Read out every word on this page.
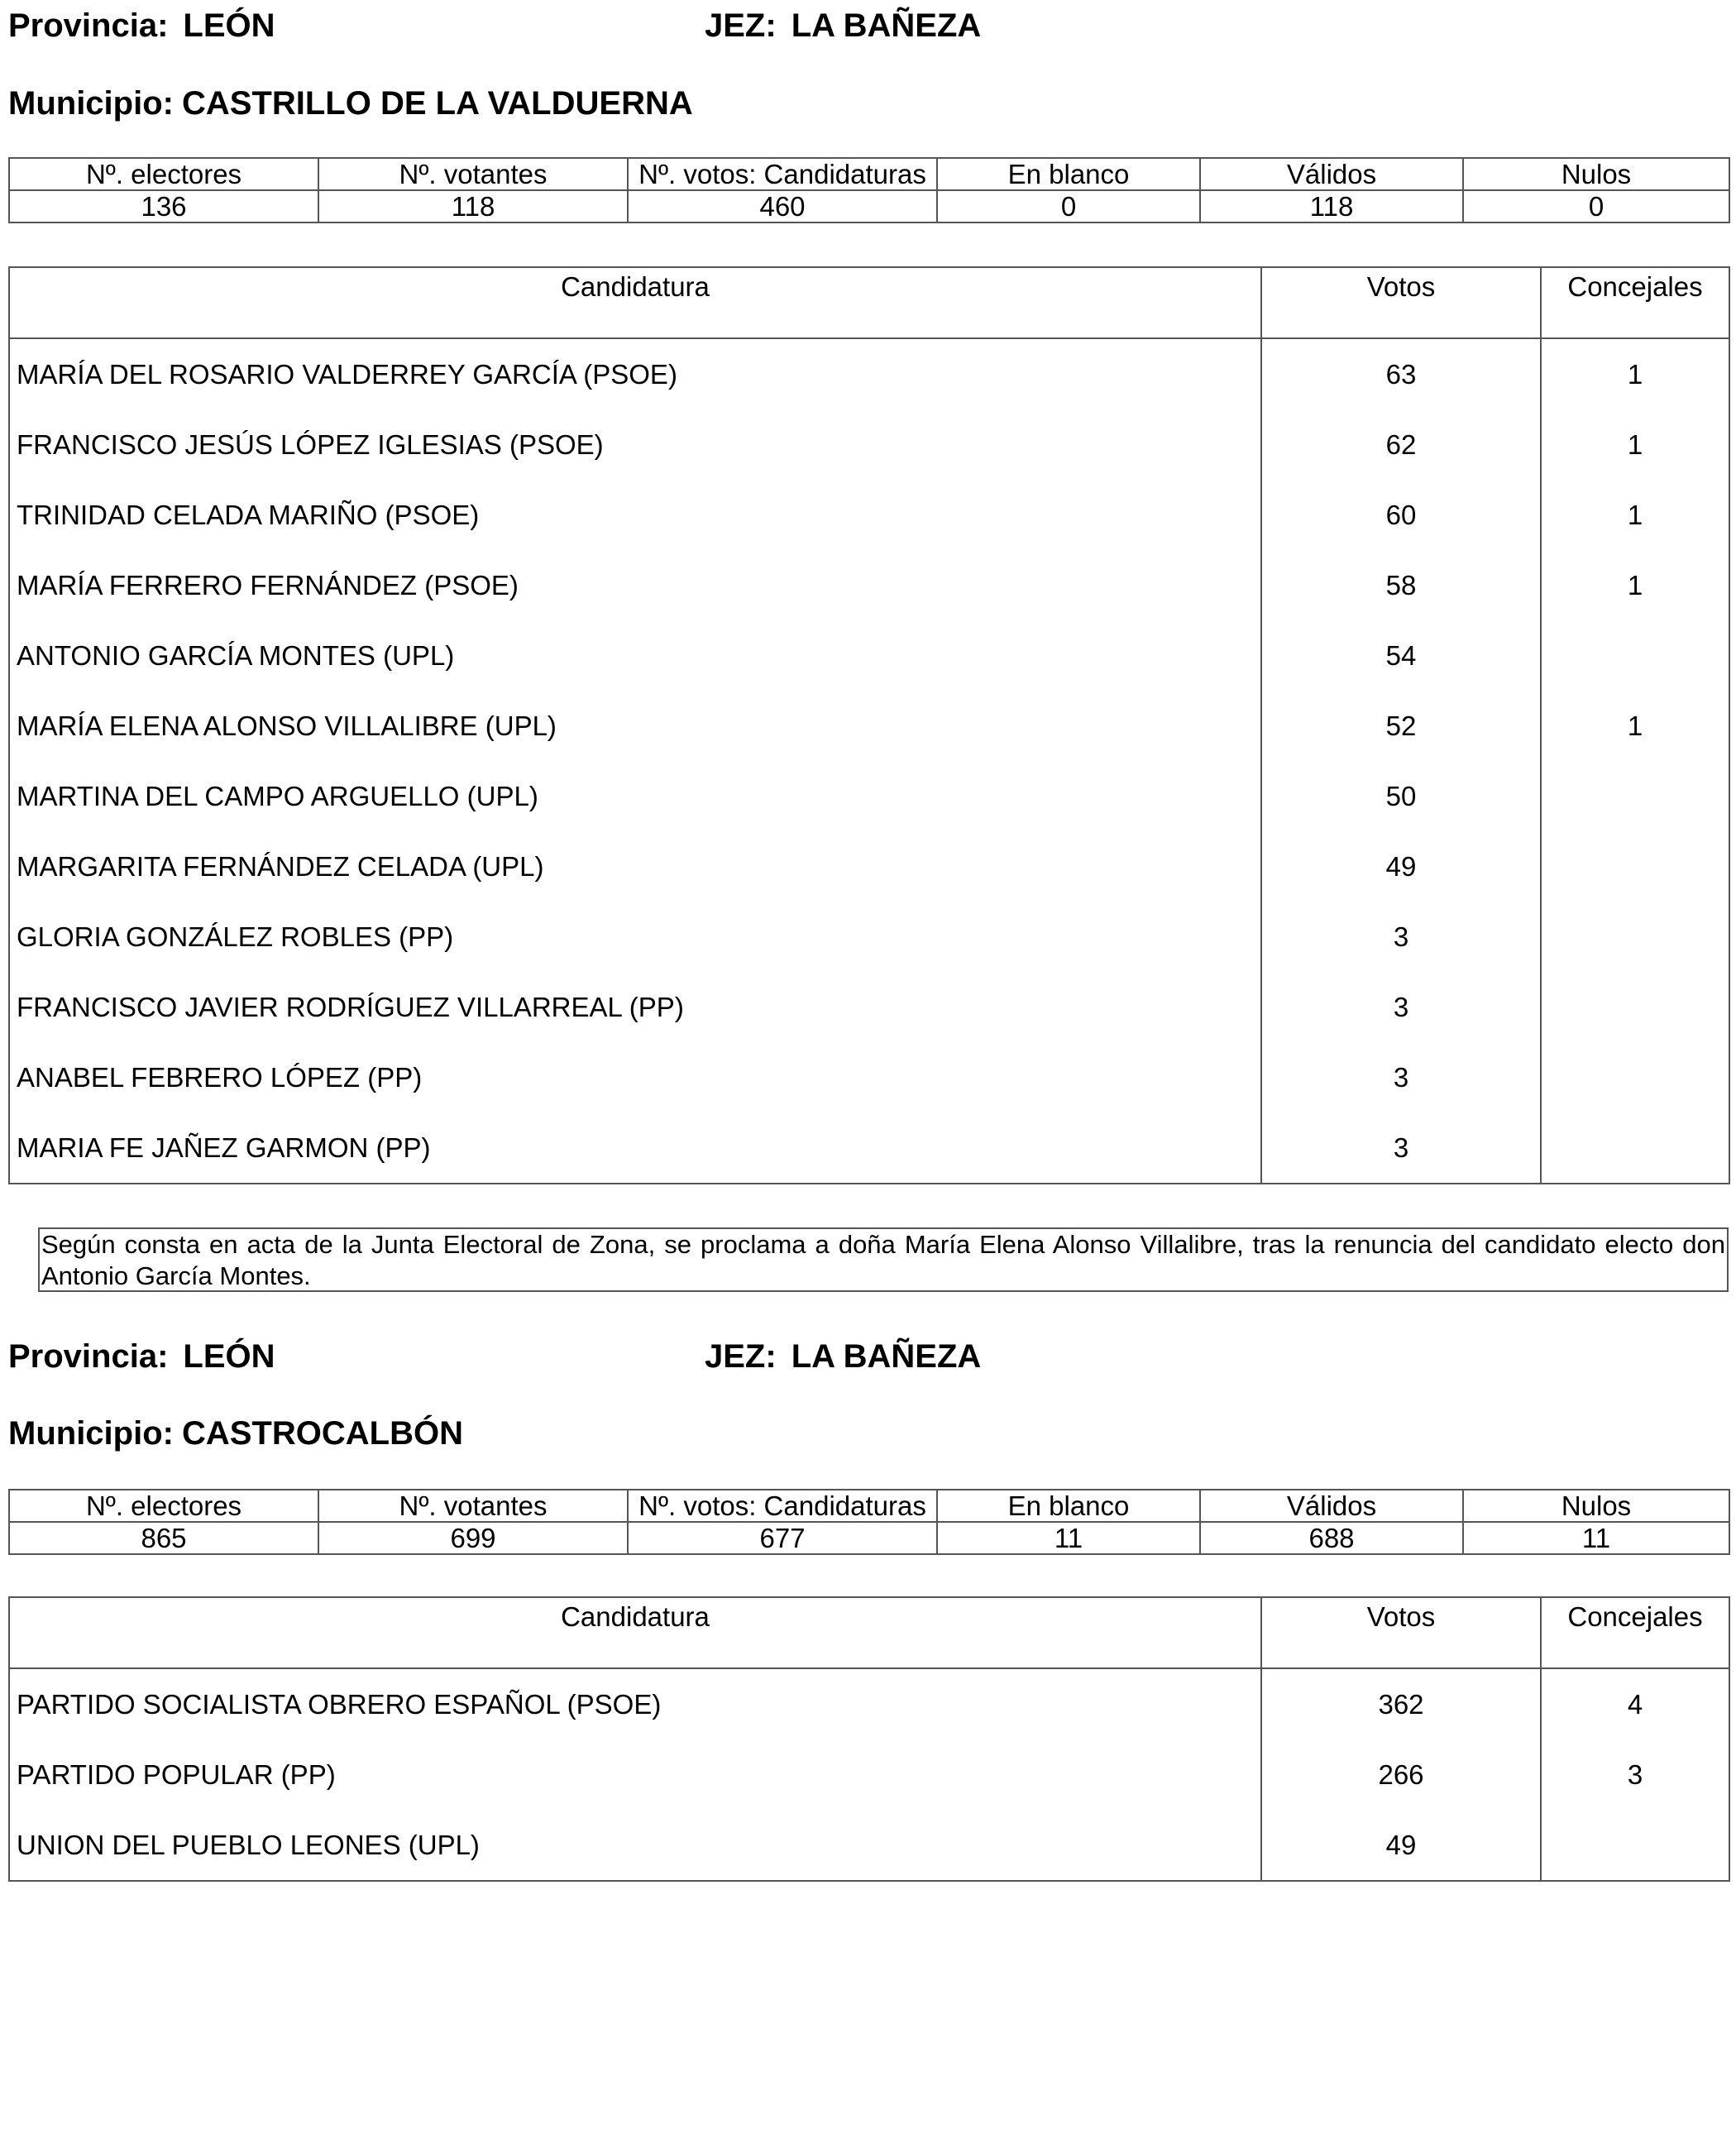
Provincia: LEÓN	JEZ: LA BAÑEZA
Municipio: CASTRILLO DE LA VALDUERNA
Nº. electores	Nº. votantes	Nº. votos: Candidaturas	En blanco	Válidos	Nulos
136	118	460	0	118	0
Candidatura	Votos	Concejales
MARÍA DEL ROSARIO VALDERREY GARCÍA (PSOE)	63	1
FRANCISCO JESÚS LÓPEZ IGLESIAS (PSOE)	62	1
TRINIDAD CELADA MARIÑO (PSOE)	60	1
MARÍA FERRERO FERNÁNDEZ (PSOE)	58	1
ANTONIO GARCÍA MONTES (UPL)	54	
MARÍA ELENA ALONSO VILLALIBRE (UPL)	52	1
MARTINA DEL CAMPO ARGUELLO (UPL)	50	
MARGARITA FERNÁNDEZ CELADA (UPL)	49	
GLORIA GONZÁLEZ ROBLES (PP)	3	
FRANCISCO JAVIER RODRÍGUEZ VILLARREAL (PP)	3	
ANABEL FEBRERO LÓPEZ (PP)	3	
MARIA FE JAÑEZ GARMON (PP)	3	
Según consta en acta de la Junta Electoral de Zona, se proclama a doña María Elena Alonso Villalibre, tras la renuncia del candidato electo don Antonio García Montes.
Provincia: LEÓN	JEZ: LA BAÑEZA
Municipio: CASTROCALBÓN
Nº. electores	Nº. votantes	Nº. votos: Candidaturas	En blanco	Válidos	Nulos
865	699	677	11	688	11
Candidatura	Votos	Concejales
PARTIDO SOCIALISTA OBRERO ESPAÑOL (PSOE)	362	4
PARTIDO POPULAR (PP)	266	3
UNION DEL PUEBLO LEONES (UPL)	49	
